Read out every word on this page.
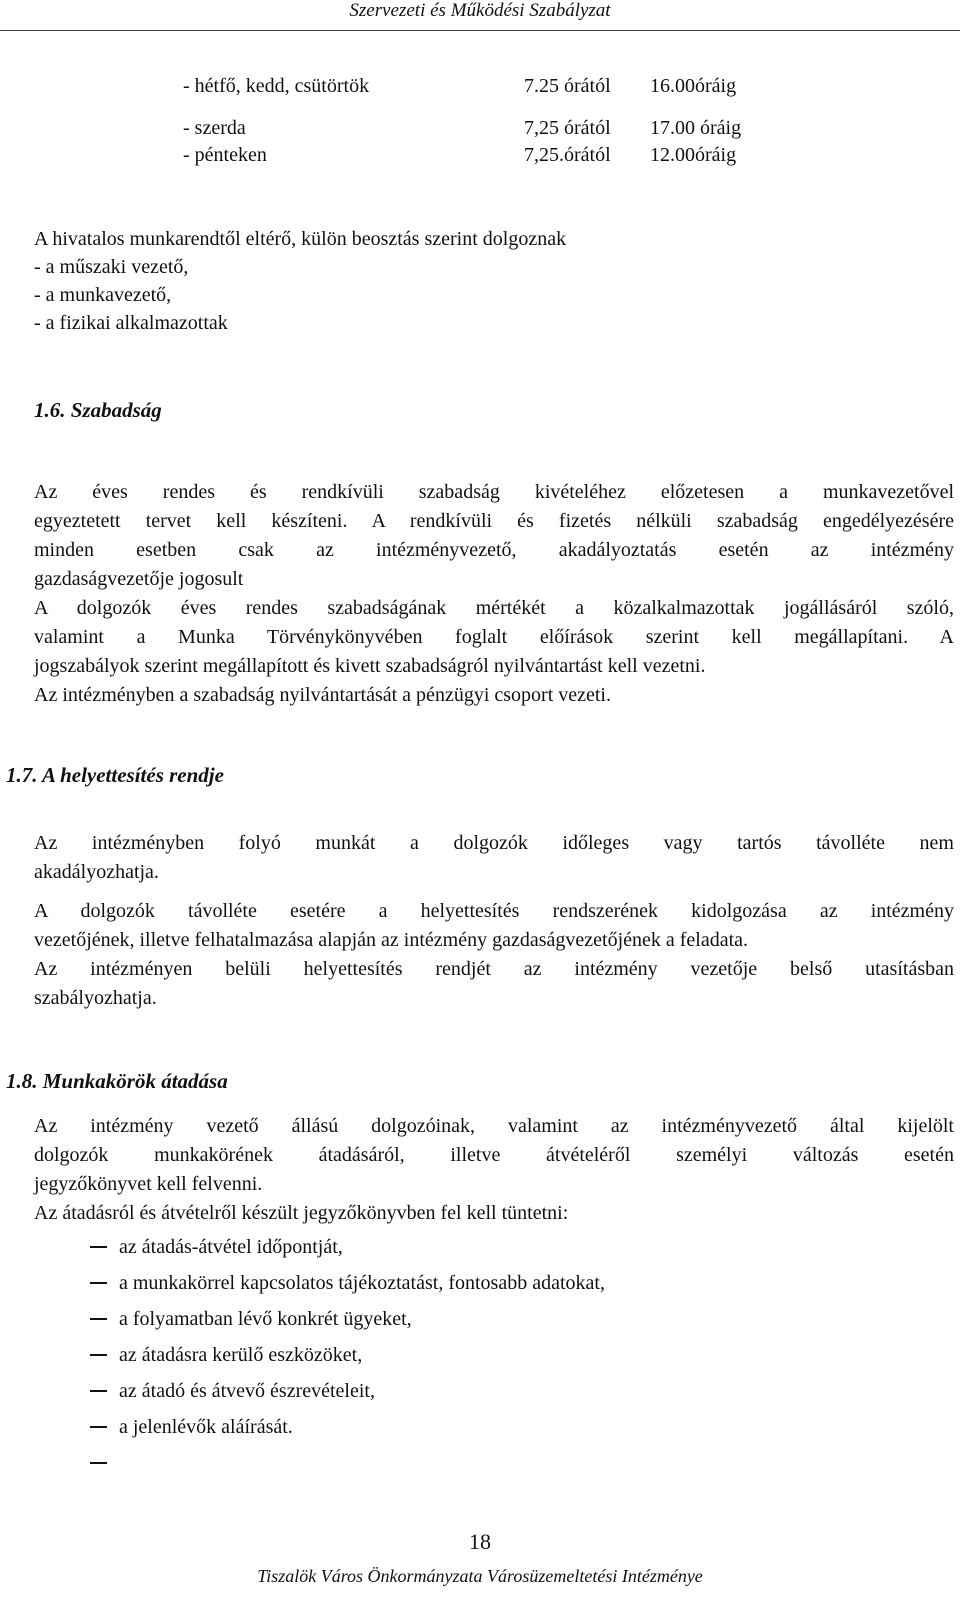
Szervezeti és Működési Szabályzat
- hétfő, kedd, csütörtök	7.25 órától 16.00óráig
- szerda	7,25 órától 17.00 óráig
- pénteken	7,25.órától 12.00óráig
A hivatalos munkarendtől eltérő, külön beosztás szerint dolgoznak
- a műszaki vezető,
- a munkavezető,
- a fizikai alkalmazottak
1.6. Szabadság
Az éves rendes és rendkívüli szabadság kivételéhez előzetesen a munkavezetővel
egyeztetett tervet kell készíteni. A rendkívüli és fizetés nélküli szabadság engedélyezésére
minden esetben csak az intézményvezető, akadályoztatás esetén az intézmény
gazdaságvezetője jogosult
A dolgozók éves rendes szabadságának mértékét a közalkalmazottak jogállásáról szóló,
valamint a Munka Törvénykönyvében foglalt előírások szerint kell megállapítani. A
jogszabályok szerint megállapított és kivett szabadságról nyilvántartást kell vezetni.
Az intézményben a szabadság nyilvántartását a pénzügyi csoport vezeti.
1.7. A helyettesítés rendje
Az intézményben folyó munkát a dolgozók időleges vagy tartós távolléte nem
akadályozhatja.
A dolgozók távolléte esetére a helyettesítés rendszerének kidolgozása az intézmény
vezetőjének, illetve felhatalmazása alapján az intézmény gazdaságvezetőjének a feladata.
Az intézményen belüli helyettesítés rendjét az intézmény vezetője belső utasításban
szabályozhatja.
1.8. Munkakörök átadása
Az intézmény vezető állású dolgozóinak, valamint az intézményvezető által kijelölt
dolgozók munkakörének átadásáról, illetve átvételéről személyi változás esetén
jegyzőkönyvet kell felvenni.
Az átadásról és átvételről készült jegyzőkönyvben fel kell tüntetni:
az átadás-átvétel időpontját,
a munkakörrel kapcsolatos tájékoztatást, fontosabb adatokat,
a folyamatban lévő konkrét ügyeket,
az átadásra kerülő eszközöket,
az átadó és átvevő észrevételeit,
a jelenlévők aláírását.
18
Tiszalök Város Önkormányzata Városüzemeltetési Intézménye
